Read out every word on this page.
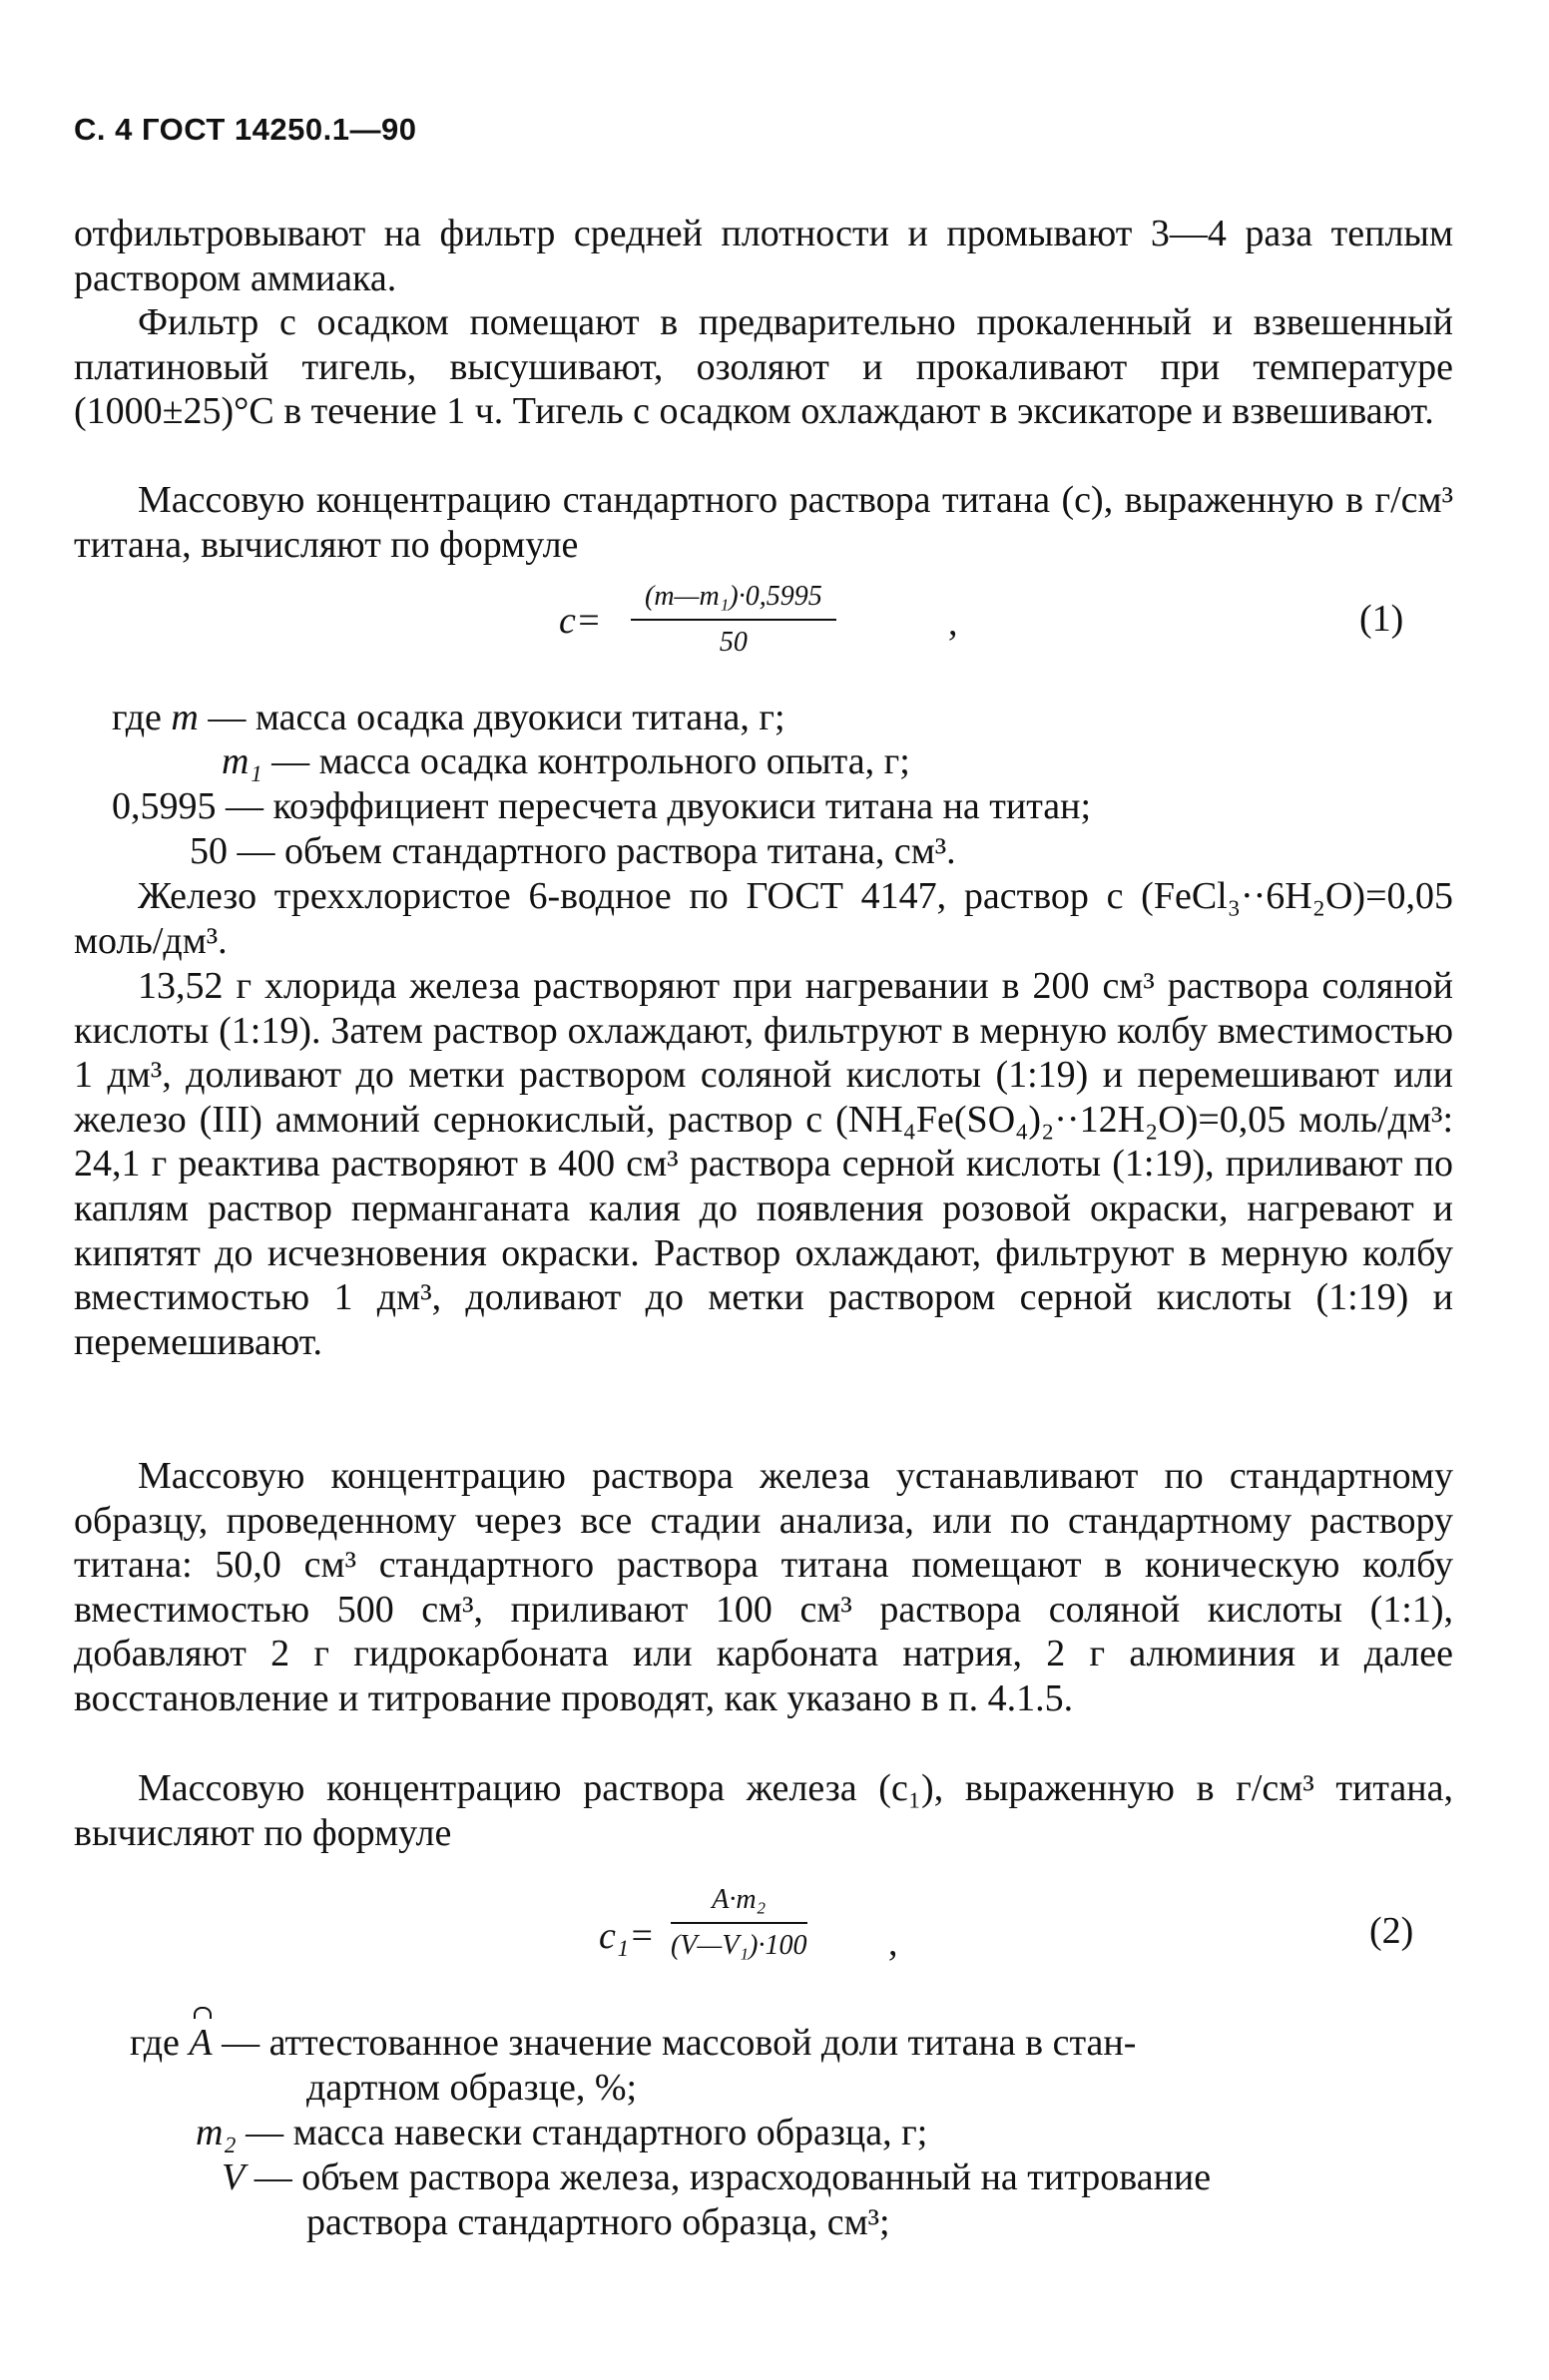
С. 4 ГОСТ 14250.1—90
отфильтровывают на фильтр средней плотности и промывают 3—4 раза теплым раствором аммиака.
Фильтр с осадком помещают в предварительно прокаленный и взвешенный платиновый тигель, высушивают, озоляют и прокаливают при температуре (1000±25)°С в течение 1 ч. Тигель с осадком охлаждают в эксикаторе и взвешивают.
Массовую концентрацию стандартного раствора титана (c), выраженную в г/см³ титана, вычисляют по формуле
$c= \frac{\text{(m—m₁)·0,5995}}{50}$	,	(1)
где m — масса осадка двуокиси титана, г;
m₁ — масса осадка контрольного опыта, г;
0,5995 — коэффициент пересчета двуокиси титана на титан;
50 — объем стандартного раствора титана, см³.
Железо треххлористое 6-водное по ГОСТ 4147, раствор c (FeCl₃··6H₂O)=0,05 моль/дм³.
13,52 г хлорида железа растворяют при нагревании в 200 см³ раствора соляной кислоты (1:19). Затем раствор охлаждают, фильтруют в мерную колбу вместимостью 1 дм³, доливают до метки раствором соляной кислоты (1:19) и перемешивают или железо (III) аммоний сернокислый, раствор c (NH₄Fe(SO₄)₂··12H₂O)=0,05 моль/дм³: 24,1 г реактива растворяют в 400 см³ раствора серной кислоты (1:19), приливают по каплям раствор перманганата калия до появления розовой окраски, нагревают и кипятят до исчезновения окраски. Раствор охлаждают, фильтруют в мерную колбу вместимостью 1 дм³, доливают до метки раствором серной кислоты (1:19) и перемешивают.
Массовую концентрацию раствора железа устанавливают по стандартному образцу, проведенному через все стадии анализа, или по стандартному раствору титана: 50,0 см³ стандартного раствора титана помещают в коническую колбу вместимостью 500 см³, приливают 100 см³ раствора соляной кислоты (1:1), добавляют 2 г гидрокарбоната или карбоната натрия, 2 г алюминия и далее восстановление и титрование проводят, как указано в п. 4.1.5.
Массовую концентрацию раствора железа (c₁), выраженную в г/см³ титана, вычисляют по формуле
$c_1= \frac{\text{A·m₂}}{\text{(V—V₁)·100}}$ ,	(2)
где A — аттестованное значение массовой доли титана в стан-
дартном образце, %;
m₂ — масса навески стандартного образца, г;
V — объем раствора железа, израсходованный на титрование
раствора стандартного образца, см³;
